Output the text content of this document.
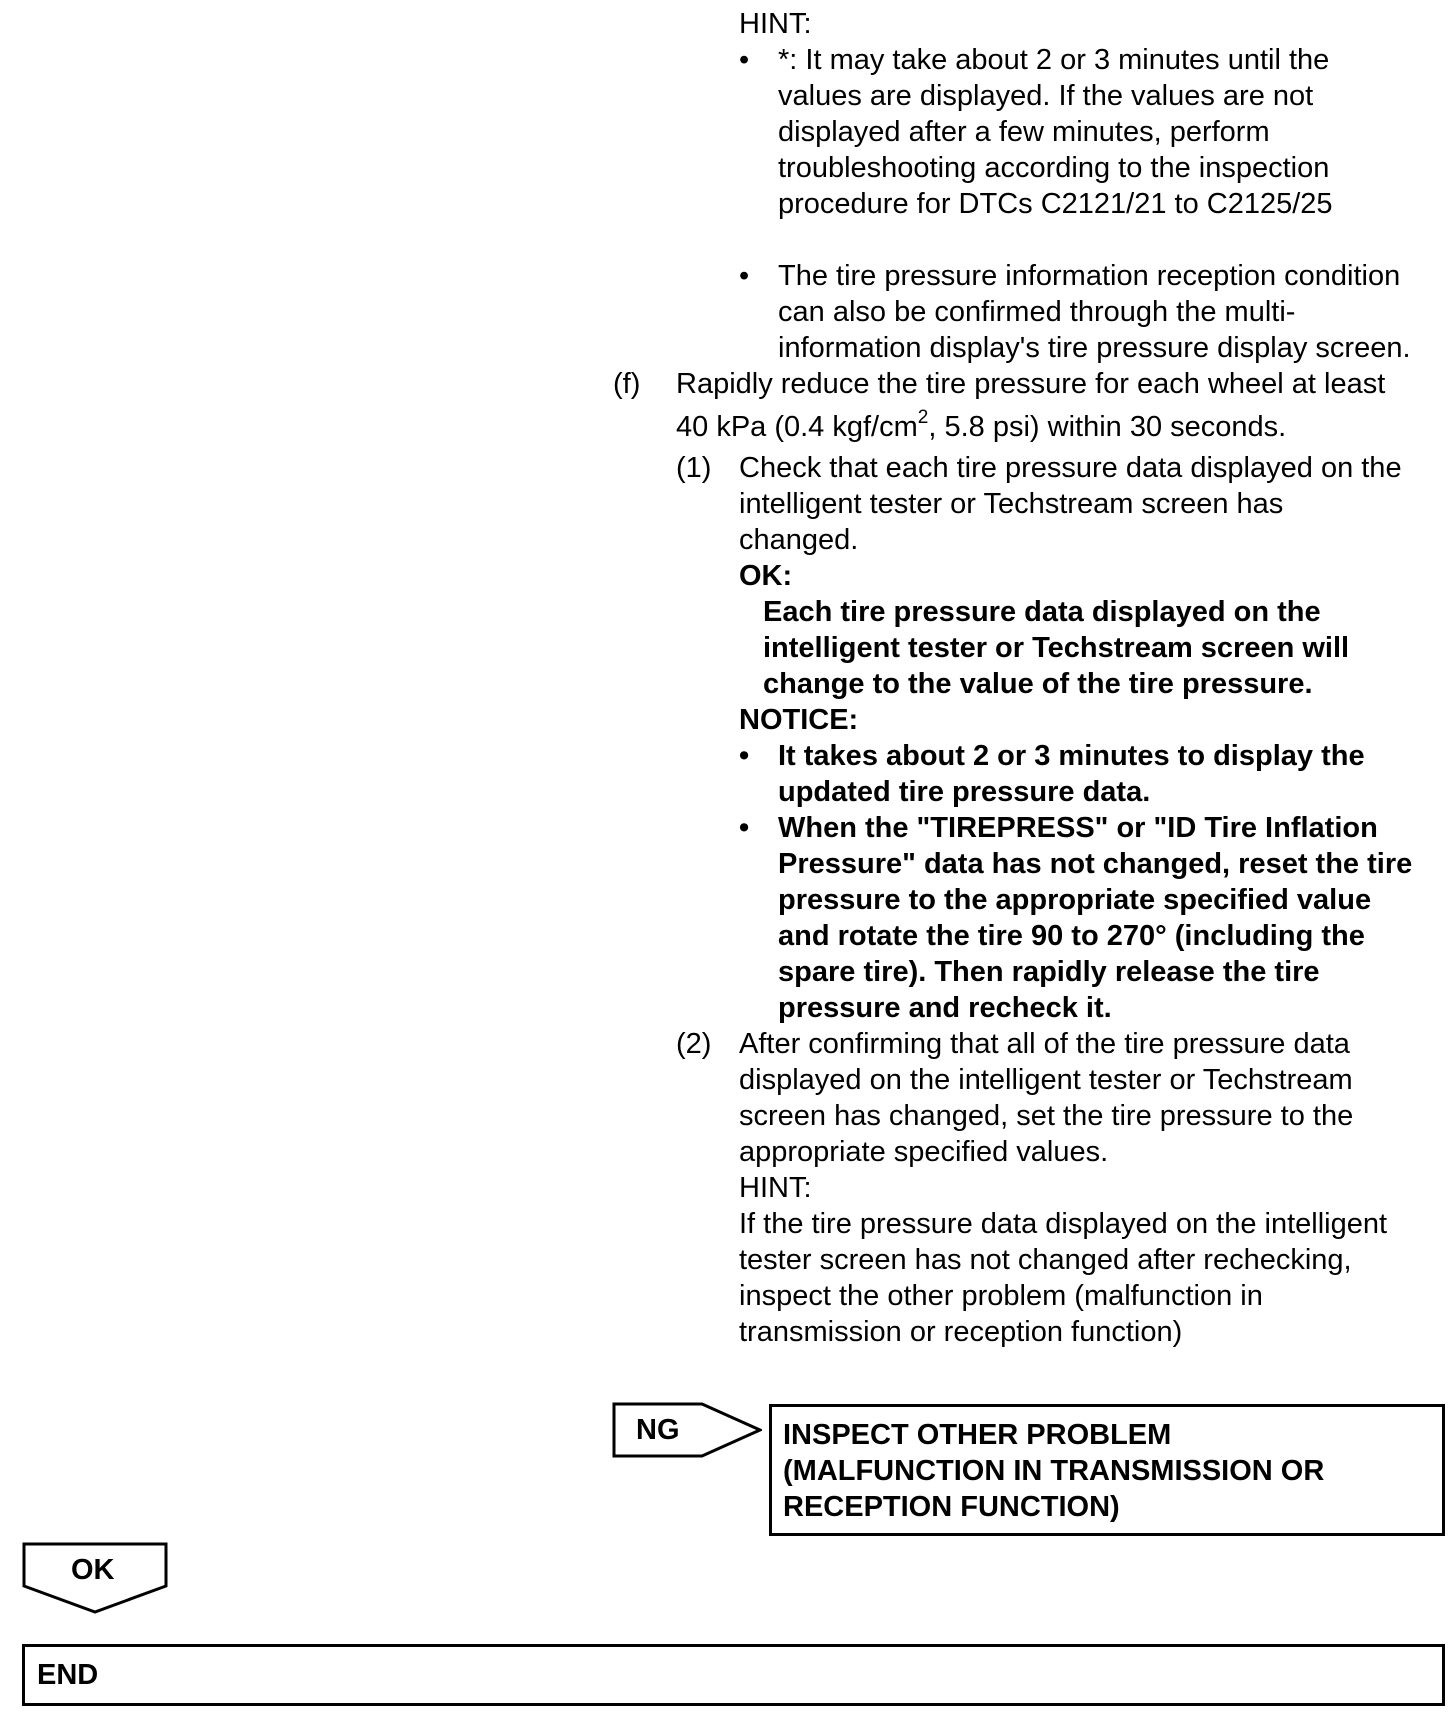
HINT:
• *: It may take about 2 or 3 minutes until the
values are displayed. If the values are not
displayed after a few minutes, perform
troubleshooting according to the inspection
procedure for DTCs C2121/21 to C2125/25
• The tire pressure information reception condition
can also be confirmed through the multi-
information display's tire pressure display screen.
(f) Rapidly reduce the tire pressure for each wheel at least
40 kPa (0.4 kgf/$cm^2$, 5.8 psi) within 30 seconds.
(1) Check that each tire pressure data displayed on the
intelligent tester or Techstream screen has
changed.
OK:
Each tire pressure data displayed on the
intelligent tester or Techstream screen will
change to the value of the tire pressure.
NOTICE:
• It takes about 2 or 3 minutes to display the
updated tire pressure data.
• When the "TIREPRESS" or "ID Tire Inflation
Pressure" data has not changed, reset the tire
pressure to the appropriate specified value
and rotate the tire 90 to 270° (including the
spare tire). Then rapidly release the tire
pressure and recheck it.
(2) After confirming that all of the tire pressure data
displayed on the intelligent tester or Techstream
screen has changed, set the tire pressure to the
appropriate specified values.
HINT:
If the tire pressure data displayed on the intelligent
tester screen has not changed after rechecking,
inspect the other problem (malfunction in
transmission or reception function)
NG	INSPECT OTHER PROBLEM
(MALFUNCTION IN TRANSMISSION OR
RECEPTION FUNCTION)
OK
END
